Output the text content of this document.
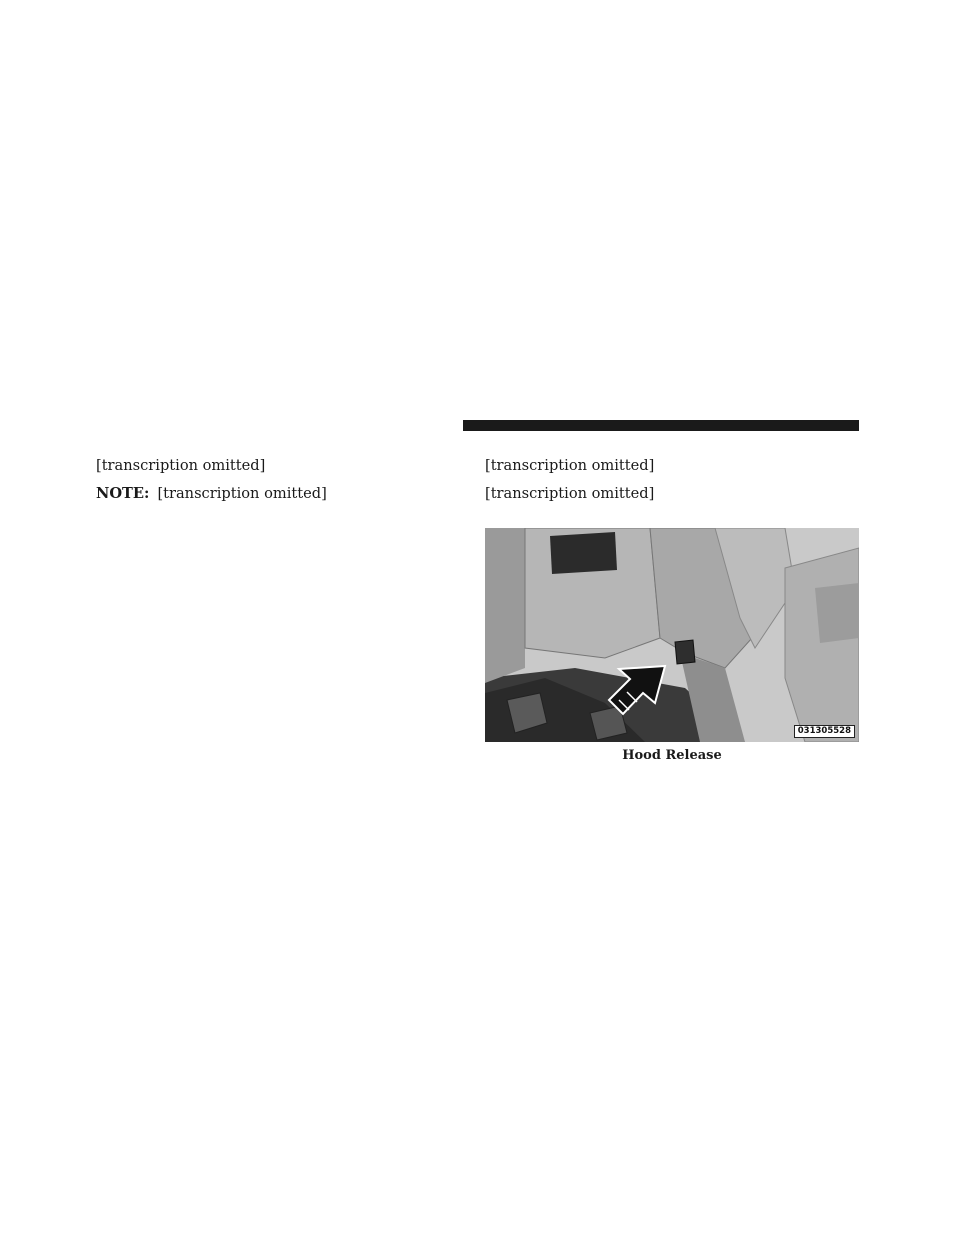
[transcription omitted]

NOTE: [transcription omitted]

[transcription omitted]

[transcription omitted]

031305528
Hood Release
